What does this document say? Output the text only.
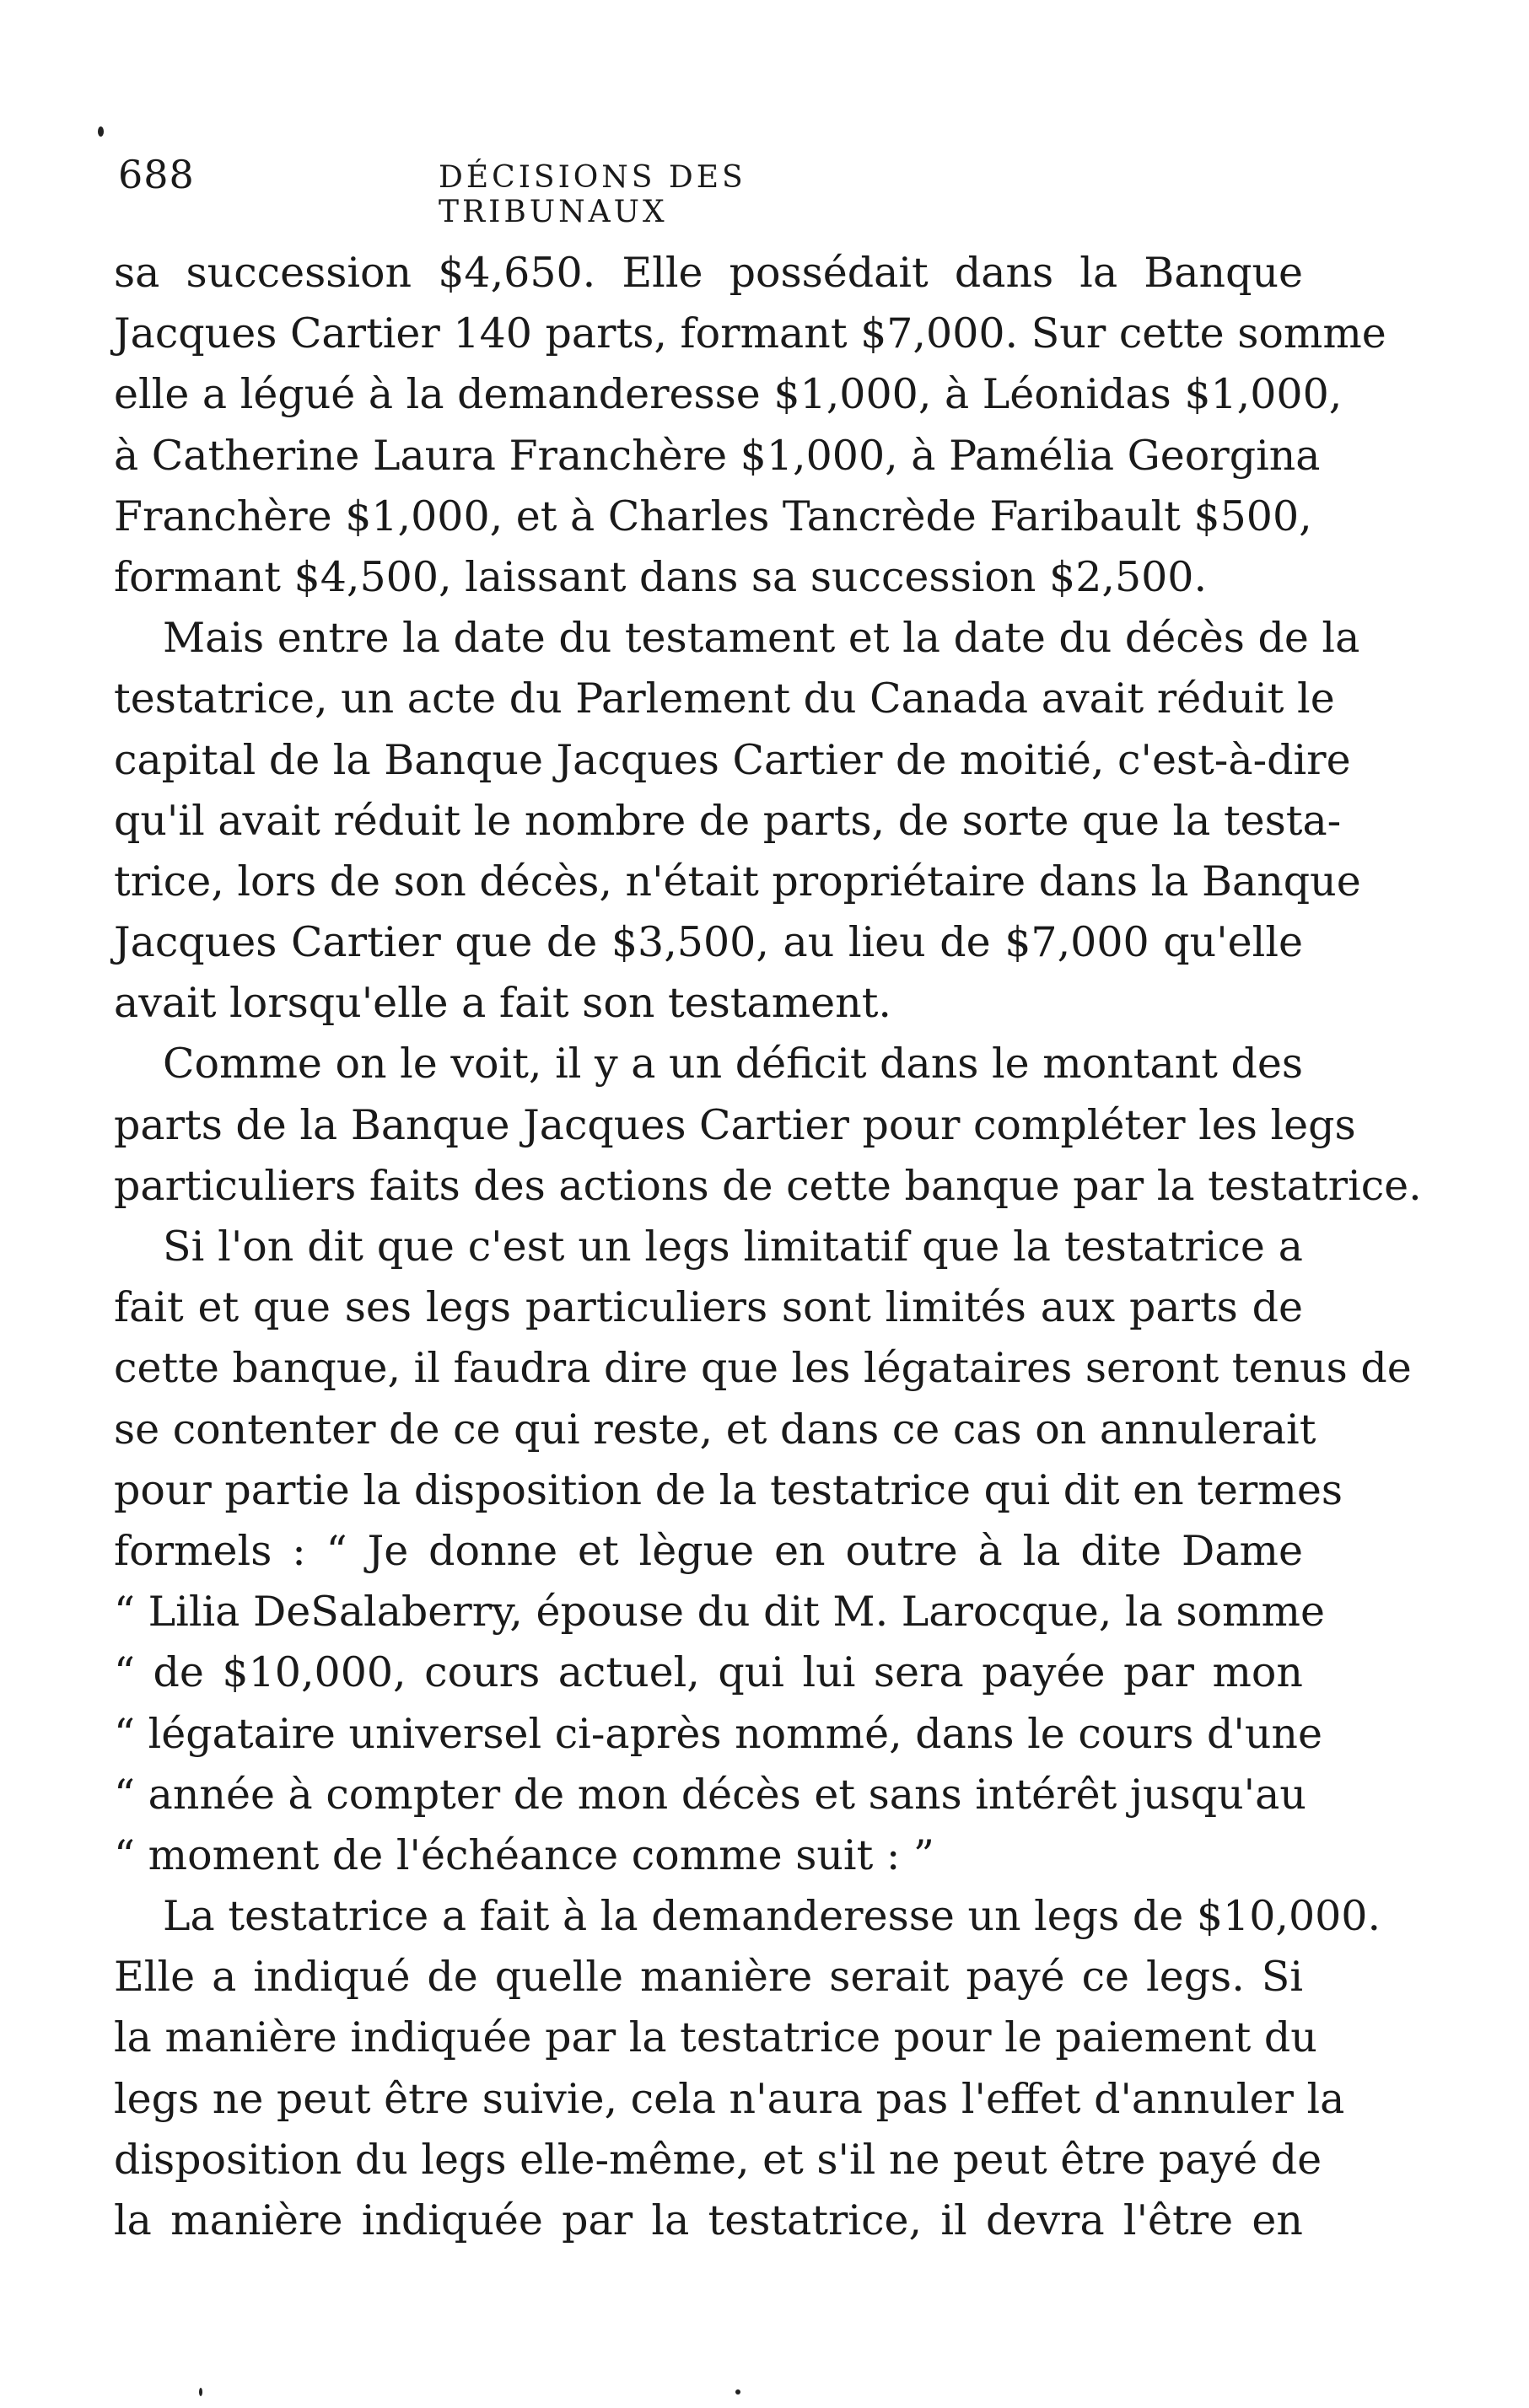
688	DÉCISIONS DES TRIBUNAUX
sa succession $4,650. Elle possédait dans la Banque
Jacques Cartier 140 parts, formant $7,000. Sur cette somme
elle a légué à la demanderesse $1,000, à Léonidas $1,000,
à Catherine Laura Franchère $1,000, à Pamélia Georgina
Franchère $1,000, et à Charles Tancrède Faribault $500,
formant $4,500, laissant dans sa succession $2,500.
Mais entre la date du testament et la date du décès de la
testatrice, un acte du Parlement du Canada avait réduit le
capital de la Banque Jacques Cartier de moitié, c'est-à-dire
qu'il avait réduit le nombre de parts, de sorte que la testa-
trice, lors de son décès, n'était propriétaire dans la Banque
Jacques Cartier que de $3,500, au lieu de $7,000 qu'elle
avait lorsqu'elle a fait son testament.
Comme on le voit, il y a un déficit dans le montant des
parts de la Banque Jacques Cartier pour compléter les legs
particuliers faits des actions de cette banque par la testatrice.
Si l'on dit que c'est un legs limitatif que la testatrice a
fait et que ses legs particuliers sont limités aux parts de
cette banque, il faudra dire que les légataires seront tenus de
se contenter de ce qui reste, et dans ce cas on annulerait
pour partie la disposition de la testatrice qui dit en termes
formels : “ Je donne et lègue en outre à la dite Dame
“ Lilia DeSalaberry, épouse du dit M. Larocque, la somme
“ de $10,000, cours actuel, qui lui sera payée par mon
“ légataire universel ci-après nommé, dans le cours d'une
“ année à compter de mon décès et sans intérêt jusqu'au
“ moment de l'échéance comme suit : ”
La testatrice a fait à la demanderesse un legs de $10,000.
Elle a indiqué de quelle manière serait payé ce legs. Si
la manière indiquée par la testatrice pour le paiement du
legs ne peut être suivie, cela n'aura pas l'effet d'annuler la
disposition du legs elle-même, et s'il ne peut être payé de
la manière indiquée par la testatrice, il devra l'être en
